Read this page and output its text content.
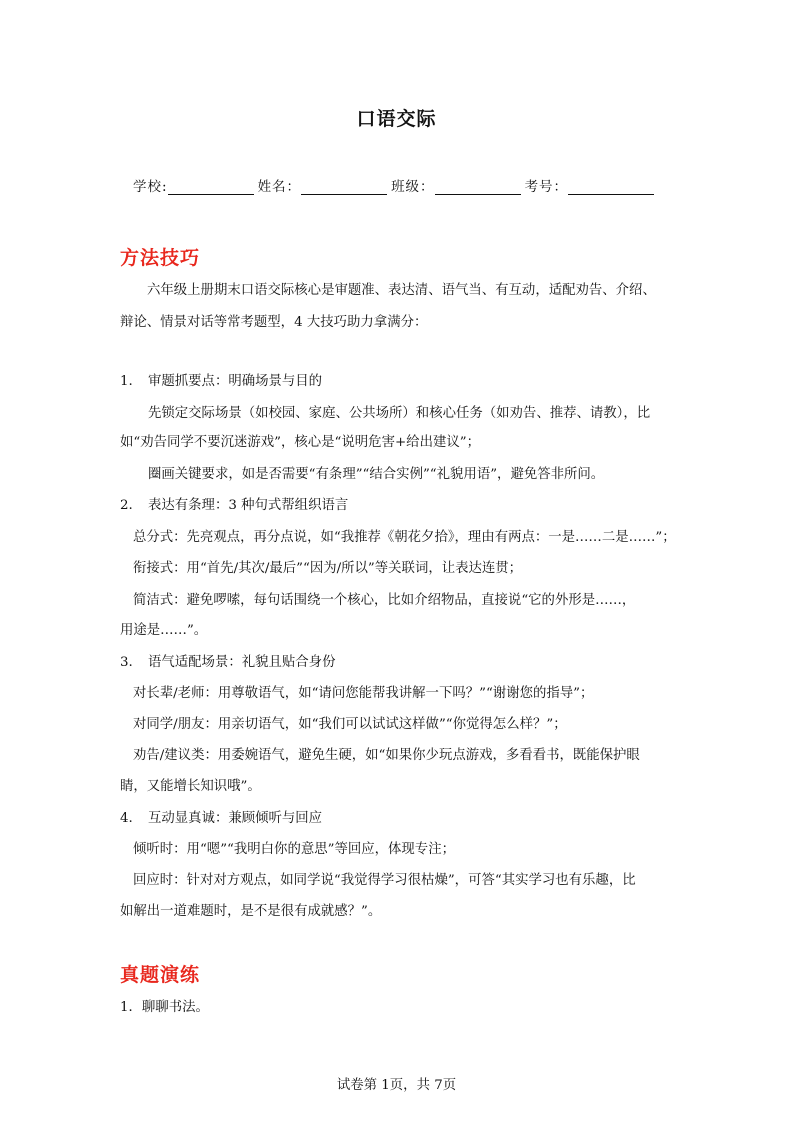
口语交际
学校:	姓名：	班级：	考号：
方法技巧
六年级上册期末口语交际核心是审题准、表达清、语气当、有互动，适配劝告、介绍、
辩论、情景对话等常考题型，4 大技巧助力拿满分：
1. 审题抓要点：明确场景与目的
先锁定交际场景（如校园、家庭、公共场所）和核心任务（如劝告、推荐、请教），比
如“劝告同学不要沉迷游戏”，核心是“说明危害+给出建议”；
圈画关键要求，如是否需要“有条理”“结合实例”“礼貌用语”，避免答非所问。
2. 表达有条理：3 种句式帮组织语言
总分式：先亮观点，再分点说，如“我推荐《朝花夕拾》，理由有两点：一是……二是……”；
衔接式：用“首先/其次/最后”“因为/所以”等关联词，让表达连贯；
简洁式：避免啰嗦，每句话围绕一个核心，比如介绍物品，直接说“它的外形是……，
用途是……”。
3. 语气适配场景：礼貌且贴合身份
对长辈/老师：用尊敬语气，如“请问您能帮我讲解一下吗？”“谢谢您的指导”；
对同学/朋友：用亲切语气，如“我们可以试试这样做”“你觉得怎么样？”；
劝告/建议类：用委婉语气，避免生硬，如“如果你少玩点游戏，多看看书，既能保护眼
睛，又能增长知识哦”。
4. 互动显真诚：兼顾倾听与回应
倾听时：用“嗯”“我明白你的意思”等回应，体现专注；
回应时：针对对方观点，如同学说“我觉得学习很枯燥”，可答“其实学习也有乐趣，比
如解出一道难题时，是不是很有成就感？”。
真题演练
1．聊聊书法。
试卷第 1页，共 7页
